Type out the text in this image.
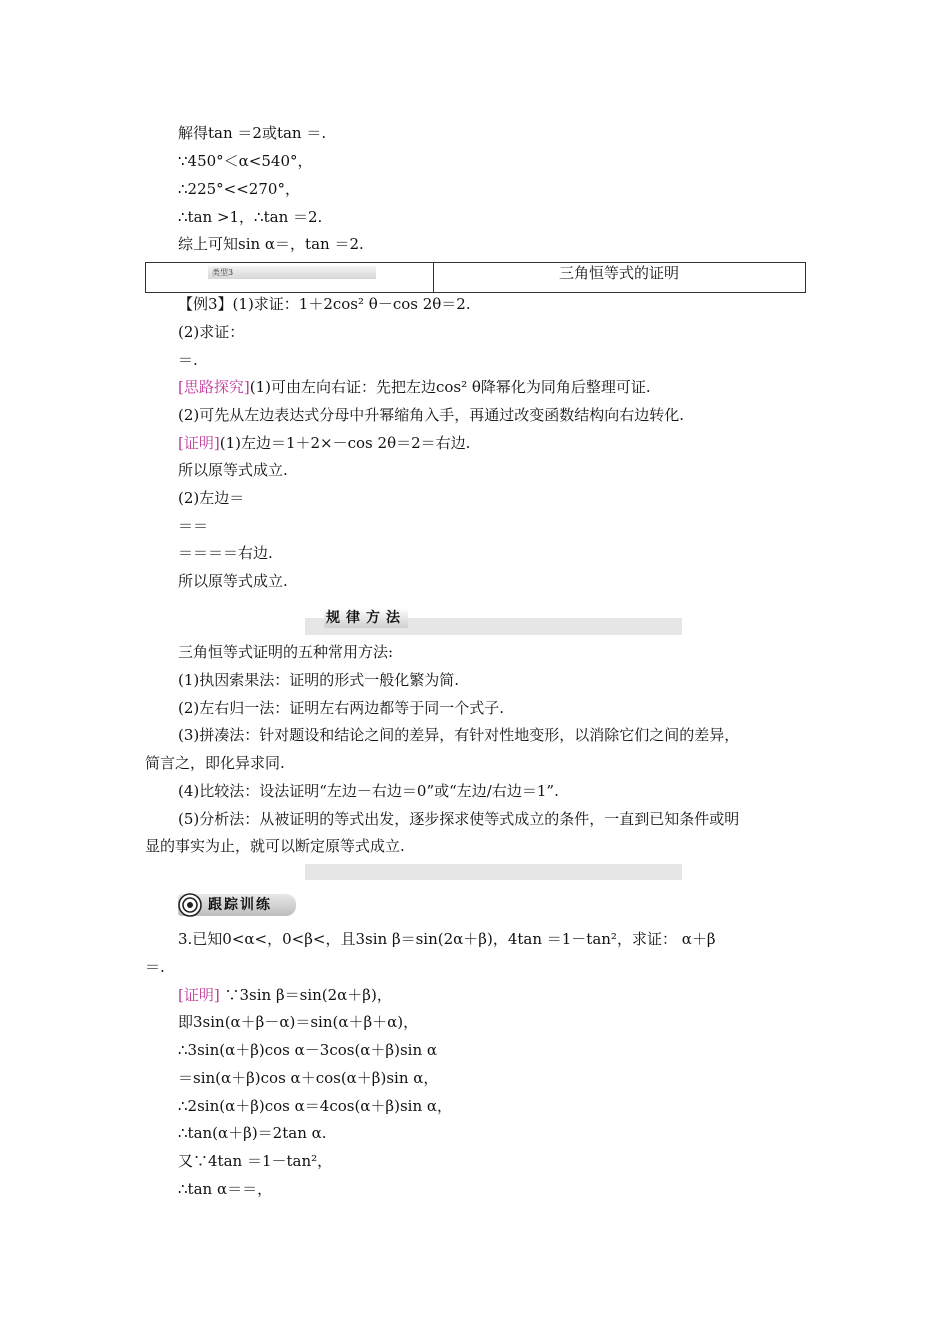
解得tan ＝2或tan ＝.
∵450°＜α<540°，
∴225°<<270°，
∴tan >1，∴tan ＝2.
综上可知sin α＝，tan ＝2.
类型3	三角恒等式的证明
【例3】(1)求证：1＋2cos² θ－cos 2θ＝2.
(2)求证：
＝.
[思路探究](1)可由左向右证：先把左边cos² θ降幂化为同角后整理可证.
(2)可先从左边表达式分母中升幂缩角入手，再通过改变函数结构向右边转化.
[证明](1)左边＝1＋2×－cos 2θ＝2＝右边.
所以原等式成立.
(2)左边＝
＝＝
＝＝＝＝右边.
所以原等式成立.
规律方法
三角恒等式证明的五种常用方法:
(1)执因索果法：证明的形式一般化繁为简.
(2)左右归一法：证明左右两边都等于同一个式子.
(3)拼凑法：针对题设和结论之间的差异，有针对性地变形，以消除它们之间的差异，
简言之，即化异求同.
(4)比较法：设法证明“左边－右边＝0”或“左边/右边＝1”.
(5)分析法：从被证明的等式出发，逐步探求使等式成立的条件，一直到已知条件或明
显的事实为止，就可以断定原等式成立.
跟踪训练
3.已知0<α<，0<β<，且3sin β＝sin(2α＋β)，4tan ＝1－tan²，求证： α＋β
＝.
[证明] ∵3sin β＝sin(2α＋β)，
即3sin(α＋β－α)＝sin(α＋β＋α)，
∴3sin(α＋β)cos α－3cos(α＋β)sin α
＝sin(α＋β)cos α＋cos(α＋β)sin α，
∴2sin(α＋β)cos α＝4cos(α＋β)sin α，
∴tan(α＋β)＝2tan α.
又∵4tan ＝1－tan²，
∴tan α＝＝，
